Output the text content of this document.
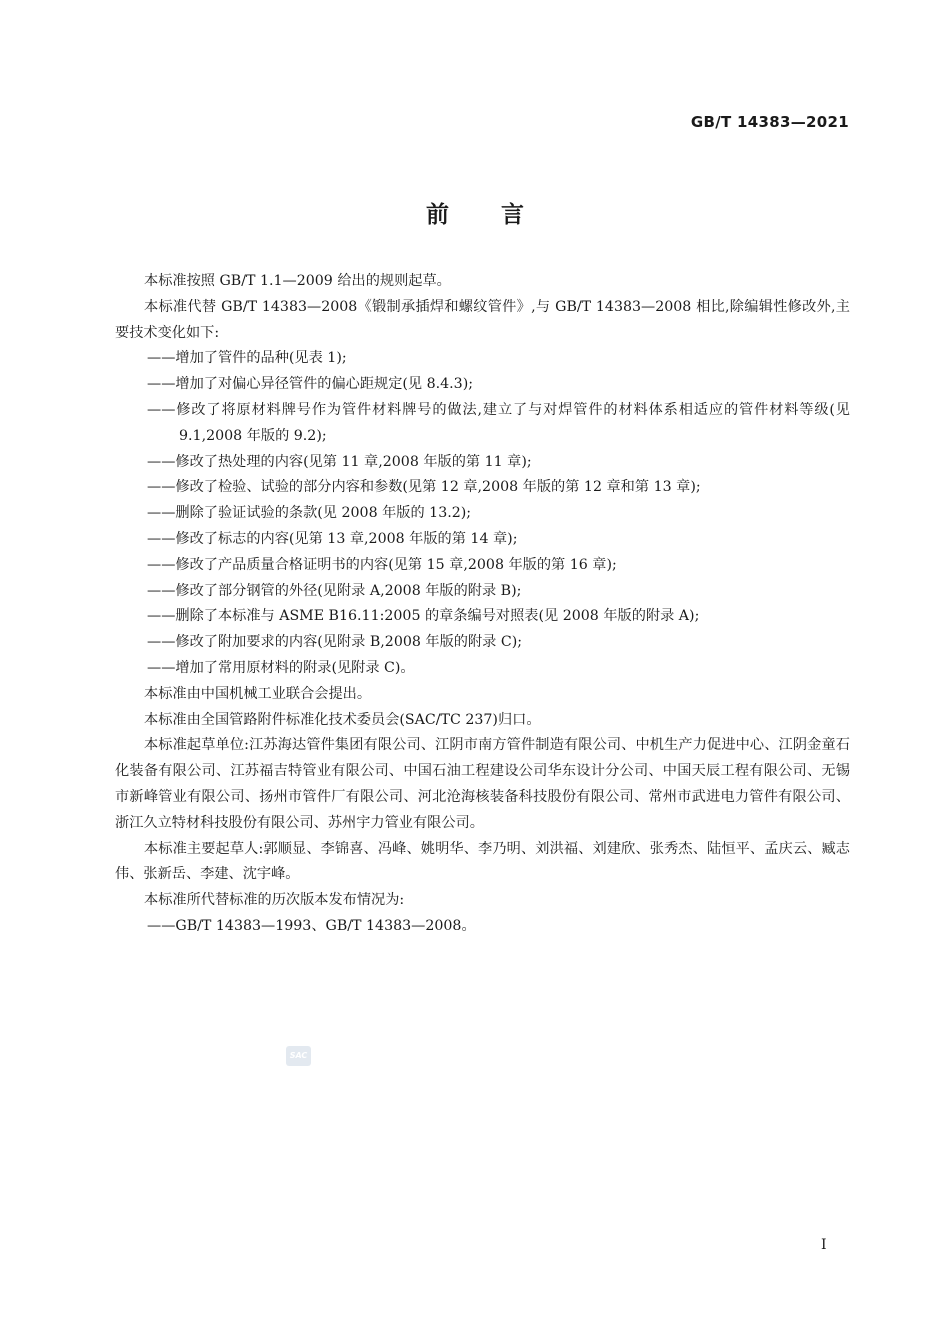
GB/T 14383—2021
前言

本标准按照 GB/T 1.1—2009 给出的规则起草。

本标准代替 GB/T 14383—2008《锻制承插焊和螺纹管件》,与 GB/T 14383—2008 相比,除编辑性修改外,主要技术变化如下:

——增加了管件的品种(见表 1);

——增加了对偏心异径管件的偏心距规定(见 8.4.3);

——修改了将原材料牌号作为管件材料牌号的做法,建立了与对焊管件的材料体系相适应的管件材料等级(见 9.1,2008 年版的 9.2);

——修改了热处理的内容(见第 11 章,2008 年版的第 11 章);

——修改了检验、试验的部分内容和参数(见第 12 章,2008 年版的第 12 章和第 13 章);

——删除了验证试验的条款(见 2008 年版的 13.2);

——修改了标志的内容(见第 13 章,2008 年版的第 14 章);

——修改了产品质量合格证明书的内容(见第 15 章,2008 年版的第 16 章);

——修改了部分钢管的外径(见附录 A,2008 年版的附录 B);

——删除了本标准与 ASME B16.11:2005 的章条编号对照表(见 2008 年版的附录 A);

——修改了附加要求的内容(见附录 B,2008 年版的附录 C);

——增加了常用原材料的附录(见附录 C)。

本标准由中国机械工业联合会提出。

本标准由全国管路附件标准化技术委员会(SAC/TC 237)归口。

本标准起草单位:江苏海达管件集团有限公司、江阴市南方管件制造有限公司、中机生产力促进中心、江阴金童石化装备有限公司、江苏福吉特管业有限公司、中国石油工程建设公司华东设计分公司、中国天辰工程有限公司、无锡市新峰管业有限公司、扬州市管件厂有限公司、河北沧海核装备科技股份有限公司、常州市武进电力管件有限公司、浙江久立特材科技股份有限公司、苏州宇力管业有限公司。

本标准主要起草人:郭顺显、李锦喜、冯峰、姚明华、李乃明、刘洪福、刘建欣、张秀杰、陆恒平、孟庆云、臧志伟、张新岳、李建、沈宇峰。

本标准所代替标准的历次版本发布情况为:

——GB/T 14383—1993、GB/T 14383—2008。

SAC
I
